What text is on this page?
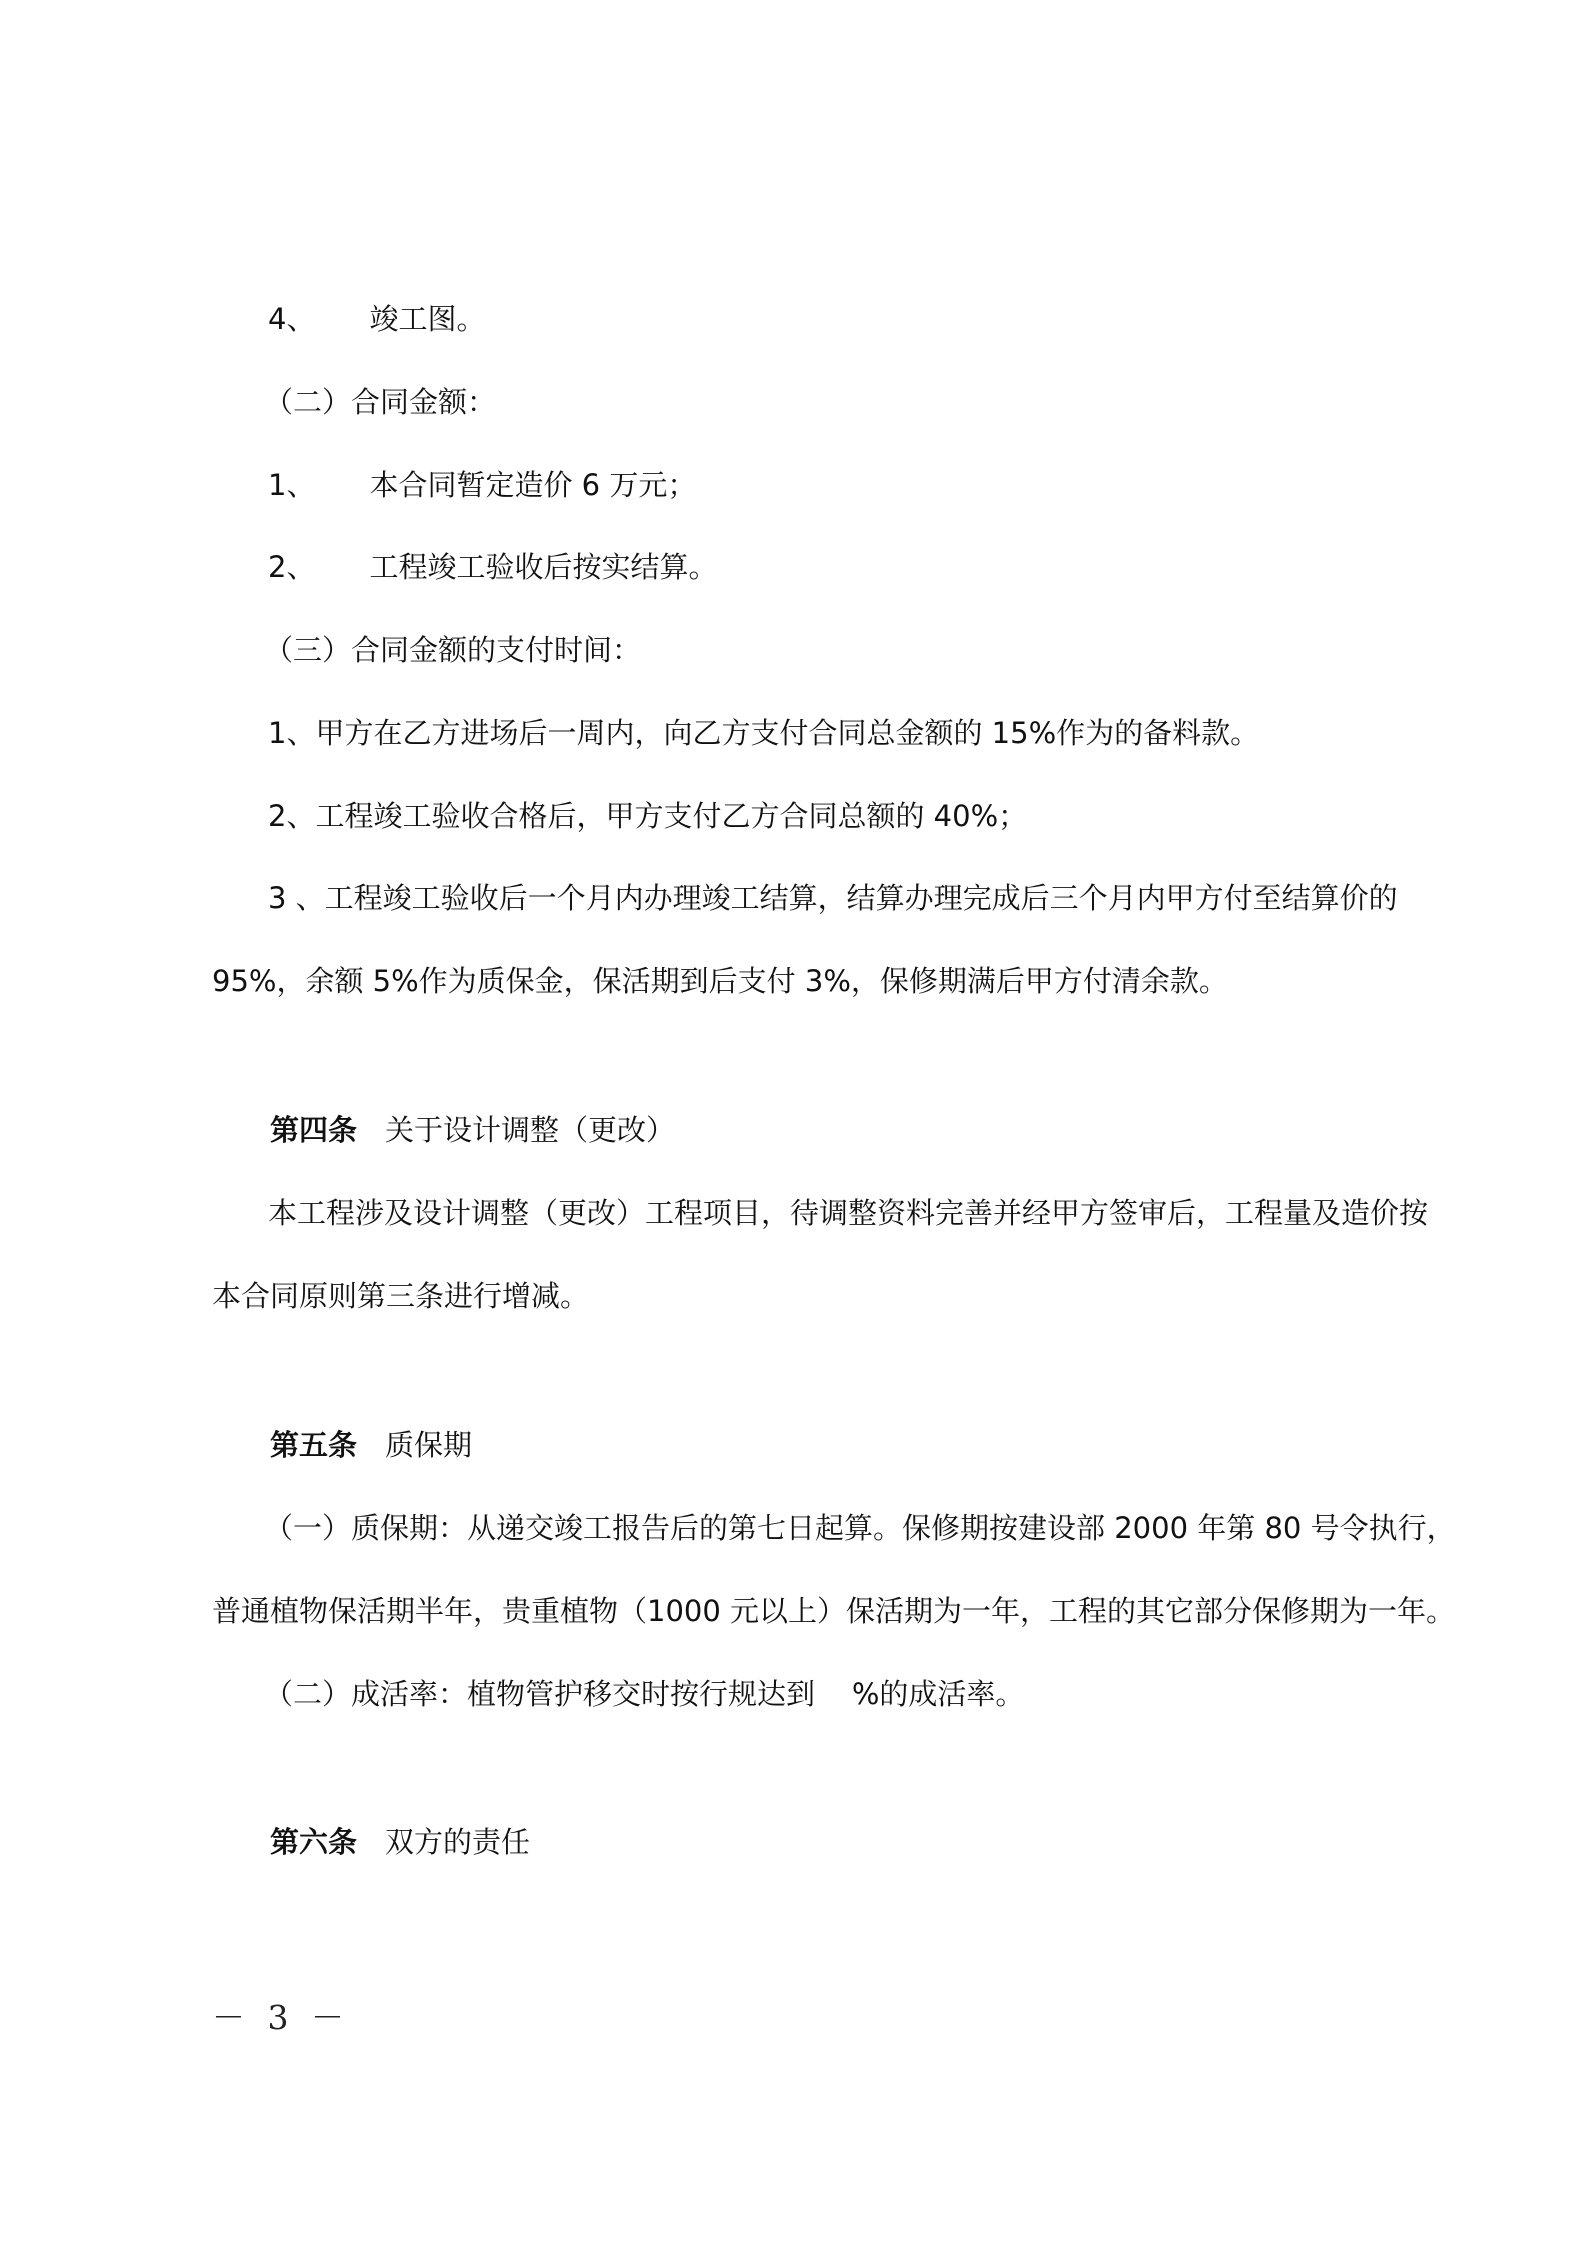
4、 竣工图。

（二）合同金额：

1、 本合同暂定造价 6 万元；

2、 工程竣工验收后按实结算。

（三）合同金额的支付时间：

1、甲方在乙方进场后一周内，向乙方支付合同总金额的 15%作为的备料款。

2、工程竣工验收合格后，甲方支付乙方合同总额的 40%；

3 、工程竣工验收后一个月内办理竣工结算，结算办理完成后三个月内甲方付至结算价的

95%，余额 5%作为质保金，保活期到后支付 3%，保修期满后甲方付清余款。

第四条 关于设计调整（更改）

本工程涉及设计调整（更改）工程项目，待调整资料完善并经甲方签审后，工程量及造价按

本合同原则第三条进行增减。

第五条 质保期

（一）质保期：从递交竣工报告后的第七日起算。保修期按建设部 2000 年第 80 号令执行，

普通植物保活期半年，贵重植物（1000 元以上）保活期为一年，工程的其它部分保修期为一年。

（二）成活率：植物管护移交时按行规达到    %的成活率。

第六条 双方的责任
－ 3 －
